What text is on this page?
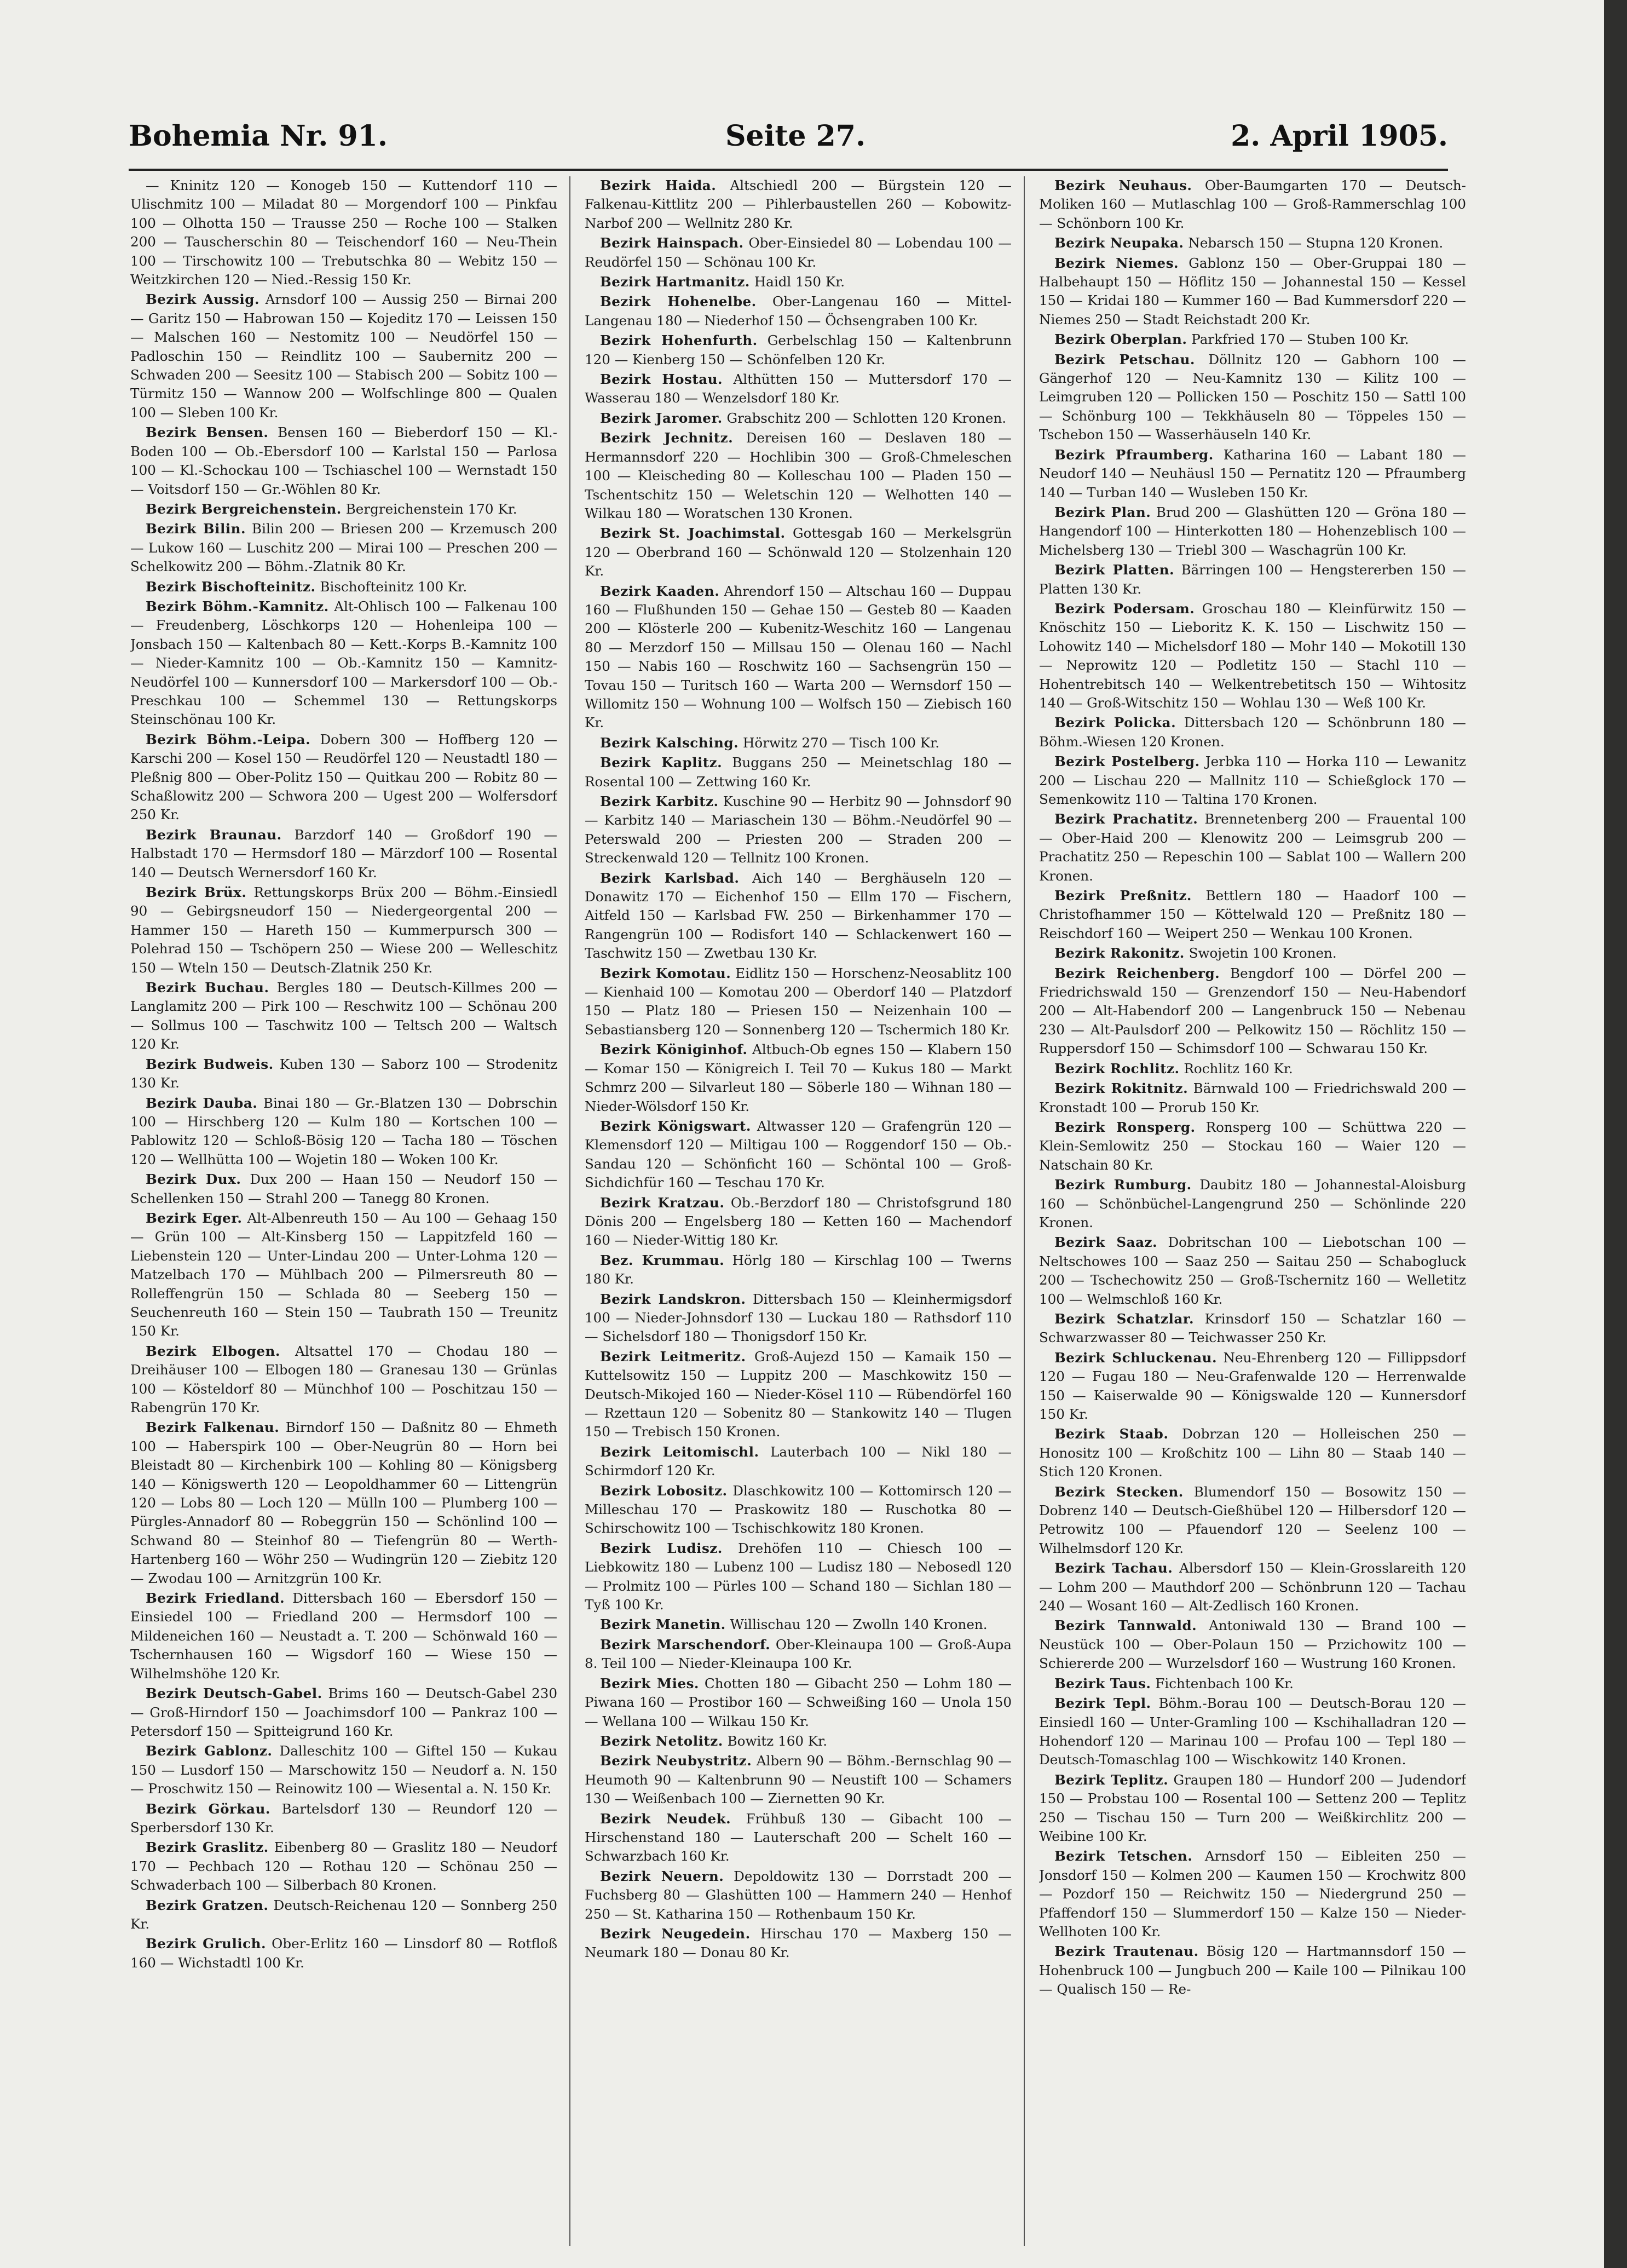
Bohemia Nr. 91.	Seite 27.	2. April 1905.
— Kninitz 120 — Konogeb 150 — Kuttendorf 110 — Ulischmitz 100 — Miladat 80 — Morgendorf 100 — Pinkfau 100 — Olhotta 150 — Trausse 250 — Roche 100 — Stalken 200 — Tauscherschin 80 — Teischendorf 160 — Neu-Thein 100 — Tirschowitz 100 — Trebutschka 80 — Webitz 150 — Weitzkirchen 120 — Nied.-Ressig 150 Kr.
Bezirk Aussig. Arnsdorf 100 — Aussig 250 — Birnai 200 — Garitz 150 — Habrowan 150 — Kojeditz 170 — Leissen 150 — Malschen 160 — Nestomitz 100 — Neudörfel 150 — Padloschin 150 — Reindlitz 100 — Saubernitz 200 — Schwaden 200 — Seesitz 100 — Stabisch 200 — Sobitz 100 — Türmitz 150 — Wannow 200 — Wolfschlinge 800 — Qualen 100 — Sleben 100 Kr.
Bezirk Bensen. Bensen 160 — Bieberdorf 150 — Kl.-Boden 100 — Ob.-Ebersdorf 100 — Karlstal 150 — Parlosa 100 — Kl.-Schockau 100 — Tschiaschel 100 — Wernstadt 150 — Voitsdorf 150 — Gr.-Wöhlen 80 Kr.
Bezirk Bergreichenstein. Bergreichenstein 170 Kr.
Bezirk Bilin. Bilin 200 — Briesen 200 — Krzemusch 200 — Lukow 160 — Luschitz 200 — Mirai 100 — Preschen 200 — Schelkowitz 200 — Böhm.-Zlatnik 80 Kr.
Bezirk Bischofteinitz. Bischofteinitz 100 Kr.
Bezirk Böhm.-Kamnitz. Alt-Ohlisch 100 — Falkenau 100 — Freudenberg, Löschkorps 120 — Hohenleipa 100 — Jonsbach 150 — Kaltenbach 80 — Kett.-Korps B.-Kamnitz 100 — Nieder-Kamnitz 100 — Ob.-Kamnitz 150 — Kamnitz-Neudörfel 100 — Kunnersdorf 100 — Markersdorf 100 — Ob.-Preschkau 100 — Schemmel 130 — Rettungskorps Steinschönau 100 Kr.
Bezirk Böhm.-Leipa. Dobern 300 — Hoffberg 120 — Karschi 200 — Kosel 150 — Reudörfel 120 — Neustadtl 180 — Pleßnig 800 — Ober-Politz 150 — Quitkau 200 — Robitz 80 — Schaßlowitz 200 — Schwora 200 — Ugest 200 — Wolfersdorf 250 Kr.
Bezirk Braunau. Barzdorf 140 — Großdorf 190 — Halbstadt 170 — Hermsdorf 180 — Märzdorf 100 — Rosental 140 — Deutsch Wernersdorf 160 Kr.
Bezirk Brüx. Rettungskorps Brüx 200 — Böhm.-Einsiedl 90 — Gebirgsneudorf 150 — Niedergeorgental 200 — Hammer 150 — Hareth 150 — Kummerpursch 300 — Polehrad 150 — Tschöpern 250 — Wiese 200 — Welleschitz 150 — Wteln 150 — Deutsch-Zlatnik 250 Kr.
Bezirk Buchau. Bergles 180 — Deutsch-Killmes 200 — Langlamitz 200 — Pirk 100 — Reschwitz 100 — Schönau 200 — Sollmus 100 — Taschwitz 100 — Teltsch 200 — Waltsch 120 Kr.
Bezirk Budweis. Kuben 130 — Saborz 100 — Strodenitz 130 Kr.
Bezirk Dauba. Binai 180 — Gr.-Blatzen 130 — Dobrschin 100 — Hirschberg 120 — Kulm 180 — Kortschen 100 — Pablowitz 120 — Schloß-Bösig 120 — Tacha 180 — Töschen 120 — Wellhütta 100 — Wojetin 180 — Woken 100 Kr.
Bezirk Dux. Dux 200 — Haan 150 — Neudorf 150 — Schellenken 150 — Strahl 200 — Tanegg 80 Kronen.
Bezirk Eger. Alt-Albenreuth 150 — Au 100 — Gehaag 150 — Grün 100 — Alt-Kinsberg 150 — Lappitzfeld 160 — Liebenstein 120 — Unter-Lindau 200 — Unter-Lohma 120 — Matzelbach 170 — Mühlbach 200 — Pilmersreuth 80 — Rolleffengrün 150 — Schlada 80 — Seeberg 150 — Seuchenreuth 160 — Stein 150 — Taubrath 150 — Treunitz 150 Kr.
Bezirk Elbogen. Altsattel 170 — Chodau 180 — Dreihäuser 100 — Elbogen 180 — Granesau 130 — Grünlas 100 — Kösteldorf 80 — Münchhof 100 — Poschitzau 150 — Rabengrün 170 Kr.
Bezirk Falkenau. Birndorf 150 — Daßnitz 80 — Ehmeth 100 — Haberspirk 100 — Ober-Neugrün 80 — Horn bei Bleistadt 80 — Kirchenbirk 100 — Kohling 80 — Königsberg 140 — Königswerth 120 — Leopoldhammer 60 — Littengrün 120 — Lobs 80 — Loch 120 — Mülln 100 — Plumberg 100 — Pürgles-Annadorf 80 — Robeggrün 150 — Schönlind 100 — Schwand 80 — Steinhof 80 — Tiefengrün 80 — Werth-Hartenberg 160 — Wöhr 250 — Wudingrün 120 — Ziebitz 120 — Zwodau 100 — Arnitzgrün 100 Kr.
Bezirk Friedland. Dittersbach 160 — Ebersdorf 150 — Einsiedel 100 — Friedland 200 — Hermsdorf 100 — Mildeneichen 160 — Neustadt a. T. 200 — Schönwald 160 — Tschernhausen 160 — Wigsdorf 160 — Wiese 150 — Wilhelmshöhe 120 Kr.
Bezirk Deutsch-Gabel. Brims 160 — Deutsch-Gabel 230 — Groß-Hirndorf 150 — Joachimsdorf 100 — Pankraz 100 — Petersdorf 150 — Spitteigrund 160 Kr.
Bezirk Gablonz. Dalleschitz 100 — Giftel 150 — Kukau 150 — Lusdorf 150 — Marschowitz 150 — Neudorf a. N. 150 — Proschwitz 150 — Reinowitz 100 — Wiesental a. N. 150 Kr.
Bezirk Görkau. Bartelsdorf 130 — Reundorf 120 — Sperbersdorf 130 Kr.
Bezirk Graslitz. Eibenberg 80 — Graslitz 180 — Neudorf 170 — Pechbach 120 — Rothau 120 — Schönau 250 — Schwaderbach 100 — Silberbach 80 Kronen.
Bezirk Gratzen. Deutsch-Reichenau 120 — Sonnberg 250 Kr.
Bezirk Grulich. Ober-Erlitz 160 — Linsdorf 80 — Rotfloß 160 — Wichstadtl 100 Kr.
Bezirk Haida. Altschiedl 200 — Bürgstein 120 — Falkenau-Kittlitz 200 — Pihlerbaustellen 260 — Kobowitz-Narbof 200 — Wellnitz 280 Kr.
Bezirk Hainspach. Ober-Einsiedel 80 — Lobendau 100 — Reudörfel 150 — Schönau 100 Kr.
Bezirk Hartmanitz. Haidl 150 Kr.
Bezirk Hohenelbe. Ober-Langenau 160 — Mittel-Langenau 180 — Niederhof 150 — Öchsengraben 100 Kr.
Bezirk Hohenfurth. Gerbelschlag 150 — Kaltenbrunn 120 — Kienberg 150 — Schönfelben 120 Kr.
Bezirk Hostau. Althütten 150 — Muttersdorf 170 — Wasserau 180 — Wenzelsdorf 180 Kr.
Bezirk Jaromer. Grabschitz 200 — Schlotten 120 Kronen.
Bezirk Jechnitz. Dereisen 160 — Deslaven 180 — Hermannsdorf 220 — Hochlibin 300 — Groß-Chmeleschen 100 — Kleischeding 80 — Kolleschau 100 — Pladen 150 — Tschentschitz 150 — Weletschin 120 — Welhotten 140 — Wilkau 180 — Woratschen 130 Kronen.
Bezirk St. Joachimstal. Gottesgab 160 — Merkelsgrün 120 — Oberbrand 160 — Schönwald 120 — Stolzenhain 120 Kr.
Bezirk Kaaden. Ahrendorf 150 — Altschau 160 — Duppau 160 — Flußhunden 150 — Gehae 150 — Gesteb 80 — Kaaden 200 — Klösterle 200 — Kubenitz-Weschitz 160 — Langenau 80 — Merzdorf 150 — Millsau 150 — Olenau 160 — Nachl 150 — Nabis 160 — Roschwitz 160 — Sachsengrün 150 — Tovau 150 — Turitsch 160 — Warta 200 — Wernsdorf 150 — Willomitz 150 — Wohnung 100 — Wolfsch 150 — Ziebisch 160 Kr.
Bezirk Kalsching. Hörwitz 270 — Tisch 100 Kr.
Bezirk Kaplitz. Buggans 250 — Meinetschlag 180 — Rosental 100 — Zettwing 160 Kr.
Bezirk Karbitz. Kuschine 90 — Herbitz 90 — Johnsdorf 90 — Karbitz 140 — Mariaschein 130 — Böhm.-Neudörfel 90 — Peterswald 200 — Priesten 200 — Straden 200 — Streckenwald 120 — Tellnitz 100 Kronen.
Bezirk Karlsbad. Aich 140 — Berghäuseln 120 — Donawitz 170 — Eichenhof 150 — Ellm 170 — Fischern, Aitfeld 150 — Karlsbad FW. 250 — Birkenhammer 170 — Rangengrün 100 — Rodisfort 140 — Schlackenwert 160 — Taschwitz 150 — Zwetbau 130 Kr.
Bezirk Komotau. Eidlitz 150 — Horschenz-Neosablitz 100 — Kienhaid 100 — Komotau 200 — Oberdorf 140 — Platzdorf 150 — Platz 180 — Priesen 150 — Neizenhain 100 — Sebastiansberg 120 — Sonnenberg 120 — Tschermich 180 Kr.
Bezirk Königinhof. Altbuch-Ob egnes 150 — Klabern 150 — Komar 150 — Königreich I. Teil 70 — Kukus 180 — Markt Schmrz 200 — Silvarleut 180 — Söberle 180 — Wihnan 180 — Nieder-Wölsdorf 150 Kr.
Bezirk Königswart. Altwasser 120 — Grafengrün 120 — Klemensdorf 120 — Miltigau 100 — Roggendorf 150 — Ob.-Sandau 120 — Schönficht 160 — Schöntal 100 — Groß-Sichdichfür 160 — Teschau 170 Kr.
Bezirk Kratzau. Ob.-Berzdorf 180 — Christofsgrund 180 Dönis 200 — Engelsberg 180 — Ketten 160 — Machendorf 160 — Nieder-Wittig 180 Kr.
Bez. Krummau. Hörlg 180 — Kirschlag 100 — Twerns 180 Kr.
Bezirk Landskron. Dittersbach 150 — Kleinhermigsdorf 100 — Nieder-Johnsdorf 130 — Luckau 180 — Rathsdorf 110 — Sichelsdorf 180 — Thonigsdorf 150 Kr.
Bezirk Leitmeritz. Groß-Aujezd 150 — Kamaik 150 — Kuttelsowitz 150 — Luppitz 200 — Maschkowitz 150 — Deutsch-Mikojed 160 — Nieder-Kösel 110 — Rübendörfel 160 — Rzettaun 120 — Sobenitz 80 — Stankowitz 140 — Tlugen 150 — Trebisch 150 Kronen.
Bezirk Leitomischl. Lauterbach 100 — Nikl 180 — Schirmdorf 120 Kr.
Bezirk Lobositz. Dlaschkowitz 100 — Kottomirsch 120 — Milleschau 170 — Praskowitz 180 — Ruschotka 80 — Schirschowitz 100 — Tschischkowitz 180 Kronen.
Bezirk Ludisz. Drehöfen 110 — Chiesch 100 — Liebkowitz 180 — Lubenz 100 — Ludisz 180 — Nebosedl 120 — Prolmitz 100 — Pürles 100 — Schand 180 — Sichlan 180 — Tyß 100 Kr.
Bezirk Manetin. Willischau 120 — Zwolln 140 Kronen.
Bezirk Marschendorf. Ober-Kleinaupa 100 — Groß-Aupa 8. Teil 100 — Nieder-Kleinaupa 100 Kr.
Bezirk Mies. Chotten 180 — Gibacht 250 — Lohm 180 — Piwana 160 — Prostibor 160 — Schweißing 160 — Unola 150 — Wellana 100 — Wilkau 150 Kr.
Bezirk Netolitz. Bowitz 160 Kr.
Bezirk Neubystritz. Albern 90 — Böhm.-Bernschlag 90 — Heumoth 90 — Kaltenbrunn 90 — Neustift 100 — Schamers 130 — Weißenbach 100 — Ziernetten 90 Kr.
Bezirk Neudek. Frühbuß 130 — Gibacht 100 — Hirschenstand 180 — Lauterschaft 200 — Schelt 160 — Schwarzbach 160 Kr.
Bezirk Neuern. Depoldowitz 130 — Dorrstadt 200 — Fuchsberg 80 — Glashütten 100 — Hammern 240 — Henhof 250 — St. Katharina 150 — Rothenbaum 150 Kr.
Bezirk Neugedein. Hirschau 170 — Maxberg 150 — Neumark 180 — Donau 80 Kr.
Bezirk Neuhaus. Ober-Baumgarten 170 — Deutsch-Moliken 160 — Mutlaschlag 100 — Groß-Rammerschlag 100 — Schönborn 100 Kr.
Bezirk Neupaka. Nebarsch 150 — Stupna 120 Kronen.
Bezirk Niemes. Gablonz 150 — Ober-Gruppai 180 — Halbehaupt 150 — Höflitz 150 — Johannestal 150 — Kessel 150 — Kridai 180 — Kummer 160 — Bad Kummersdorf 220 — Niemes 250 — Stadt Reichstadt 200 Kr.
Bezirk Oberplan. Parkfried 170 — Stuben 100 Kr.
Bezirk Petschau. Döllnitz 120 — Gabhorn 100 — Gängerhof 120 — Neu-Kamnitz 130 — Kilitz 100 — Leimgruben 120 — Pollicken 150 — Poschitz 150 — Sattl 100 — Schönburg 100 — Tekkhäuseln 80 — Töppeles 150 — Tschebon 150 — Wasserhäuseln 140 Kr.
Bezirk Pfraumberg. Katharina 160 — Labant 180 — Neudorf 140 — Neuhäusl 150 — Pernatitz 120 — Pfraumberg 140 — Turban 140 — Wusleben 150 Kr.
Bezirk Plan. Brud 200 — Glashütten 120 — Gröna 180 — Hangendorf 100 — Hinterkotten 180 — Hohenzeblisch 100 — Michelsberg 130 — Triebl 300 — Waschagrün 100 Kr.
Bezirk Platten. Bärringen 100 — Hengstererben 150 — Platten 130 Kr.
Bezirk Podersam. Groschau 180 — Kleinfürwitz 150 — Knöschitz 150 — Lieboritz K. K. 150 — Lischwitz 150 — Lohowitz 140 — Michelsdorf 180 — Mohr 140 — Mokotill 130 — Neprowitz 120 — Podletitz 150 — Stachl 110 — Hohentrebitsch 140 — Welkentrebetitsch 150 — Wihtositz 140 — Groß-Witschitz 150 — Wohlau 130 — Weß 100 Kr.
Bezirk Policka. Dittersbach 120 — Schönbrunn 180 — Böhm.-Wiesen 120 Kronen.
Bezirk Postelberg. Jerbka 110 — Horka 110 — Lewanitz 200 — Lischau 220 — Mallnitz 110 — Schießglock 170 — Semenkowitz 110 — Taltina 170 Kronen.
Bezirk Prachatitz. Brennetenberg 200 — Frauental 100 — Ober-Haid 200 — Klenowitz 200 — Leimsgrub 200 — Prachatitz 250 — Repeschin 100 — Sablat 100 — Wallern 200 Kronen.
Bezirk Preßnitz. Bettlern 180 — Haadorf 100 — Christofhammer 150 — Köttelwald 120 — Preßnitz 180 — Reischdorf 160 — Weipert 250 — Wenkau 100 Kronen.
Bezirk Rakonitz. Swojetin 100 Kronen.
Bezirk Reichenberg. Bengdorf 100 — Dörfel 200 — Friedrichswald 150 — Grenzendorf 150 — Neu-Habendorf 200 — Alt-Habendorf 200 — Langenbruck 150 — Nebenau 230 — Alt-Paulsdorf 200 — Pelkowitz 150 — Röchlitz 150 — Ruppersdorf 150 — Schimsdorf 100 — Schwarau 150 Kr.
Bezirk Rochlitz. Rochlitz 160 Kr.
Bezirk Rokitnitz. Bärnwald 100 — Friedrichswald 200 — Kronstadt 100 — Prorub 150 Kr.
Bezirk Ronsperg. Ronsperg 100 — Schüttwa 220 — Klein-Semlowitz 250 — Stockau 160 — Waier 120 — Natschain 80 Kr.
Bezirk Rumburg. Daubitz 180 — Johannestal-Aloisburg 160 — Schönbüchel-Langengrund 250 — Schönlinde 220 Kronen.
Bezirk Saaz. Dobritschan 100 — Liebotschan 100 — Neltschowes 100 — Saaz 250 — Saitau 250 — Schabogluck 200 — Tschechowitz 250 — Groß-Tschernitz 160 — Welletitz 100 — Welmschloß 160 Kr.
Bezirk Schatzlar. Krinsdorf 150 — Schatzlar 160 — Schwarzwasser 80 — Teichwasser 250 Kr.
Bezirk Schluckenau. Neu-Ehrenberg 120 — Fillippsdorf 120 — Fugau 180 — Neu-Grafenwalde 120 — Herrenwalde 150 — Kaiserwalde 90 — Königswalde 120 — Kunnersdorf 150 Kr.
Bezirk Staab. Dobrzan 120 — Holleischen 250 — Honositz 100 — Kroßchitz 100 — Lihn 80 — Staab 140 — Stich 120 Kronen.
Bezirk Stecken. Blumendorf 150 — Bosowitz 150 — Dobrenz 140 — Deutsch-Gießhübel 120 — Hilbersdorf 120 — Petrowitz 100 — Pfauendorf 120 — Seelenz 100 — Wilhelmsdorf 120 Kr.
Bezirk Tachau. Albersdorf 150 — Klein-Grosslareith 120 — Lohm 200 — Mauthdorf 200 — Schönbrunn 120 — Tachau 240 — Wosant 160 — Alt-Zedlisch 160 Kronen.
Bezirk Tannwald. Antoniwald 130 — Brand 100 — Neustück 100 — Ober-Polaun 150 — Przichowitz 100 — Schiererde 200 — Wurzelsdorf 160 — Wustrung 160 Kronen.
Bezirk Taus. Fichtenbach 100 Kr.
Bezirk Tepl. Böhm.-Borau 100 — Deutsch-Borau 120 — Einsiedl 160 — Unter-Gramling 100 — Kschihalladran 120 — Hohendorf 120 — Marinau 100 — Profau 100 — Tepl 180 — Deutsch-Tomaschlag 100 — Wischkowitz 140 Kronen.
Bezirk Teplitz. Graupen 180 — Hundorf 200 — Judendorf 150 — Probstau 100 — Rosental 100 — Settenz 200 — Teplitz 250 — Tischau 150 — Turn 200 — Weißkirchlitz 200 — Weibine 100 Kr.
Bezirk Tetschen. Arnsdorf 150 — Eibleiten 250 — Jonsdorf 150 — Kolmen 200 — Kaumen 150 — Krochwitz 800 — Pozdorf 150 — Reichwitz 150 — Niedergrund 250 — Pfaffendorf 150 — Slummerdorf 150 — Kalze 150 — Nieder-Wellhoten 100 Kr.
Bezirk Trautenau. Bösig 120 — Hartmannsdorf 150 — Hohenbruck 100 — Jungbuch 200 — Kaile 100 — Pilnikau 100 — Qualisch 150 — Re-
